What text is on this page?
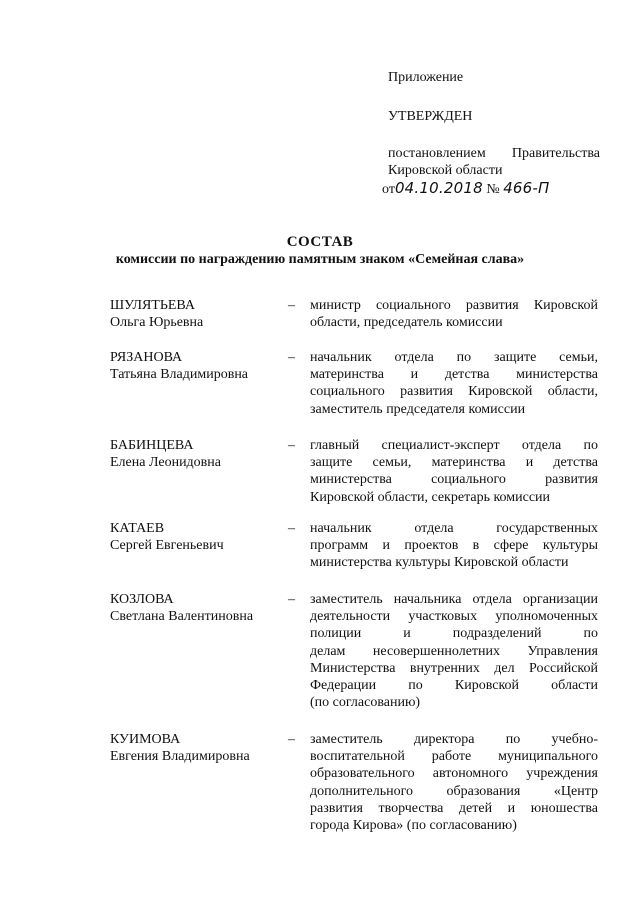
Приложение
УТВЕРЖДЕН
постановлением Правительства
Кировской области
от04.10.2018 № 466-П
СОСТАВ
комиссии по награждению памятным знаком «Семейная слава»
ШУЛЯТЬЕВА
Ольга Юрьевна
– министр социального развития Кировской
области, председатель комиссии
РЯЗАНОВА
Татьяна Владимировна
– начальник отдела по защите семьи,
материнства и детства министерства
социального развития Кировской области,
заместитель председателя комиссии
БАБИНЦЕВА
Елена Леонидовна
– главный специалист-эксперт отдела по
защите семьи, материнства и детства
министерства социального развития
Кировской области, секретарь комиссии
КАТАЕВ
Сергей Евгеньевич
– начальник отдела государственных
программ и проектов в сфере культуры
министерства культуры Кировской области
КОЗЛОВА
Светлана Валентиновна
– заместитель начальника отдела организации
деятельности участковых уполномоченных
полиции и подразделений по
делам несовершеннолетних Управления
Министерства внутренних дел Российской
Федерации по Кировской области
(по согласованию)
КУИМОВА
Евгения Владимировна
– заместитель директора по учебно-
воспитательной работе муниципального
образовательного автономного учреждения
дополнительного образования «Центр
развития творчества детей и юношества
города Кирова» (по согласованию)
